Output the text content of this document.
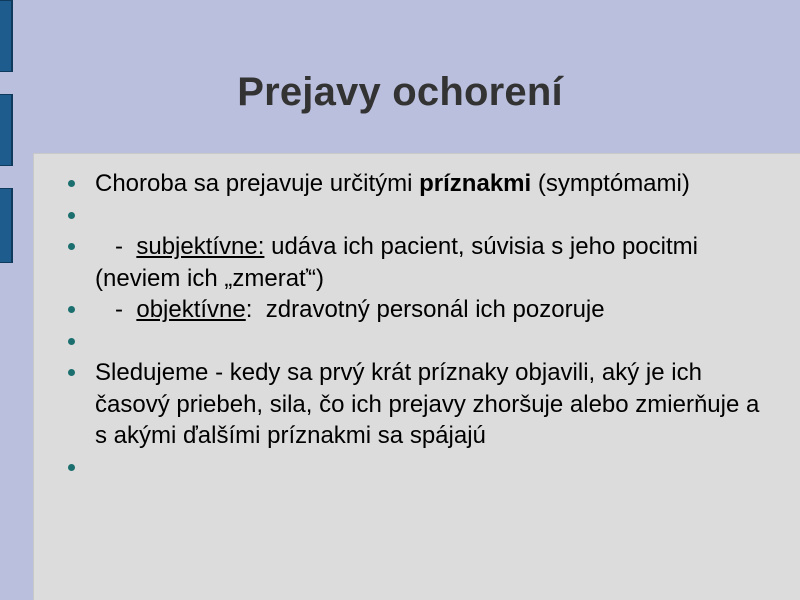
Prejavy ochorení
Choroba sa prejavuje určitými príznakmi (symptómami)
-  subjektívne: udáva ich pacient, súvisia s jeho pocitmi      (neviem ich „zmerať“)
-  objektívne:  zdravotný personál ich pozoruje
Sledujeme - kedy sa prvý krát príznaky objavili, aký je ich časový priebeh, sila, čo ich prejavy zhoršuje alebo zmierňuje a s akými ďalšími príznakmi sa spájajú
